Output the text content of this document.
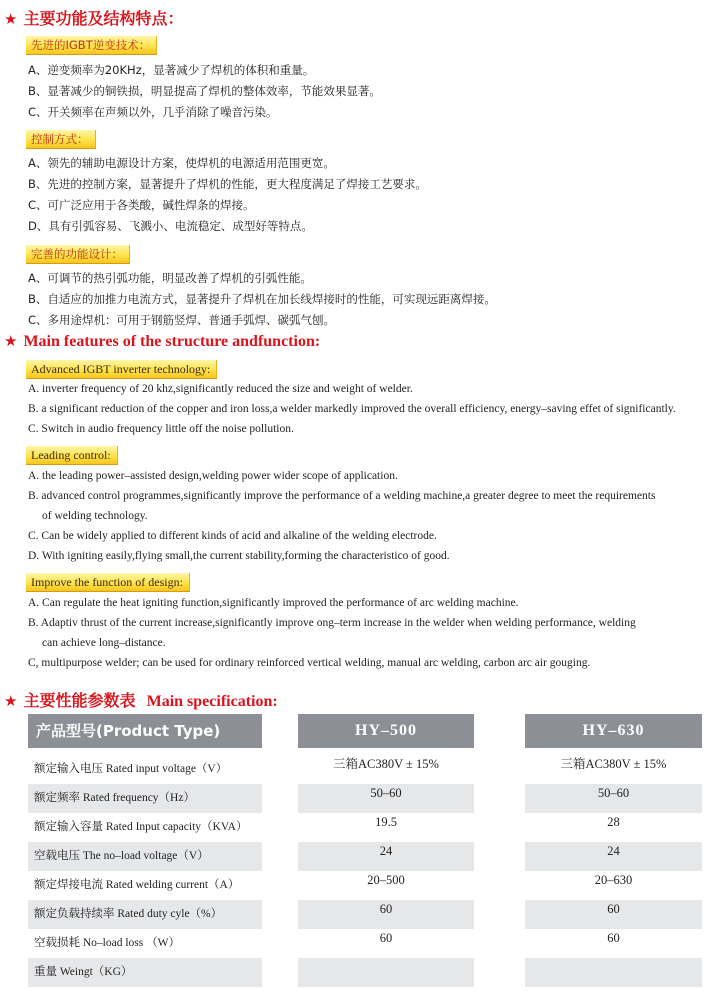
★ 主要功能及结构特点：
先进的IGBT逆变技术：
A、逆变频率为20KHz，显著减少了焊机的体积和重量。
B、显著减少的铜铁损，明显提高了焊机的整体效率，节能效果显著。
C、开关频率在声频以外，几乎消除了噪音污染。
控制方式：
A、领先的辅助电源设计方案，使焊机的电源适用范围更宽。
B、先进的控制方案，显著提升了焊机的性能，更大程度满足了焊接工艺要求。
C、可广泛应用于各类酸，碱性焊条的焊接。
D、具有引弧容易、飞溅小、电流稳定、成型好等特点。
完善的功能设计：
A、可调节的热引弧功能，明显改善了焊机的引弧性能。
B、自适应的加推力电流方式，显著提升了焊机在加长线焊接时的性能，可实现远距离焊接。
C、多用途焊机：可用于钢筋竖焊、普通手弧焊、碳弧气刨。
★ Main features of the structure andfunction:
Advanced IGBT inverter technology:
A. inverter frequency of 20 khz,significantly reduced the size and weight of welder.
B. a significant reduction of the copper and iron loss,a welder markedly improved the overall efficiency, energy–saving effet of significantly.
C. Switch in audio frequency little off the noise pollution.
Leading control:
A. the leading power–assisted design,welding power wider scope of application.
B. advanced control programmes,significantly improve the performance of a welding machine,a greater degree to meet the requirements
of welding technology.
C. Can be widely applied to different kinds of acid and alkaline of the welding electrode.
D. With igniting easily,flying small,the current stability,forming the characteristico of good.
Improve the function of design:
A. Can regulate the heat igniting function,significantly improved the performance of arc welding machine.
B. Adaptiv thrust of the current increase,significantly improve ong–term increase in the welder when welding performance, welding
can achieve long–distance.
C, multipurpose welder; can be used for ordinary reinforced vertical welding, manual arc welding, carbon arc air gouging.
★ 主要性能参数表 Main specification:
产品型号(Product Type)	HY–500	HY–630
额定输入电压 Rated input voltage（V）	三箱AC380V ± 15%	三箱AC380V ± 15%
额定频率 Rated frequency（Hz）	50–60	50–60
额定输入容量 Rated Input capacity（KVA）	19.5	28
空载电压 The no–load voltage（V）	24	24
额定焊接电流 Rated welding current（A）	20–500	20–630
额定负载持续率 Rated duty cyle（%）	60	60
空载损耗 No–load loss （W）	60	60
重量 Weingt（KG）
